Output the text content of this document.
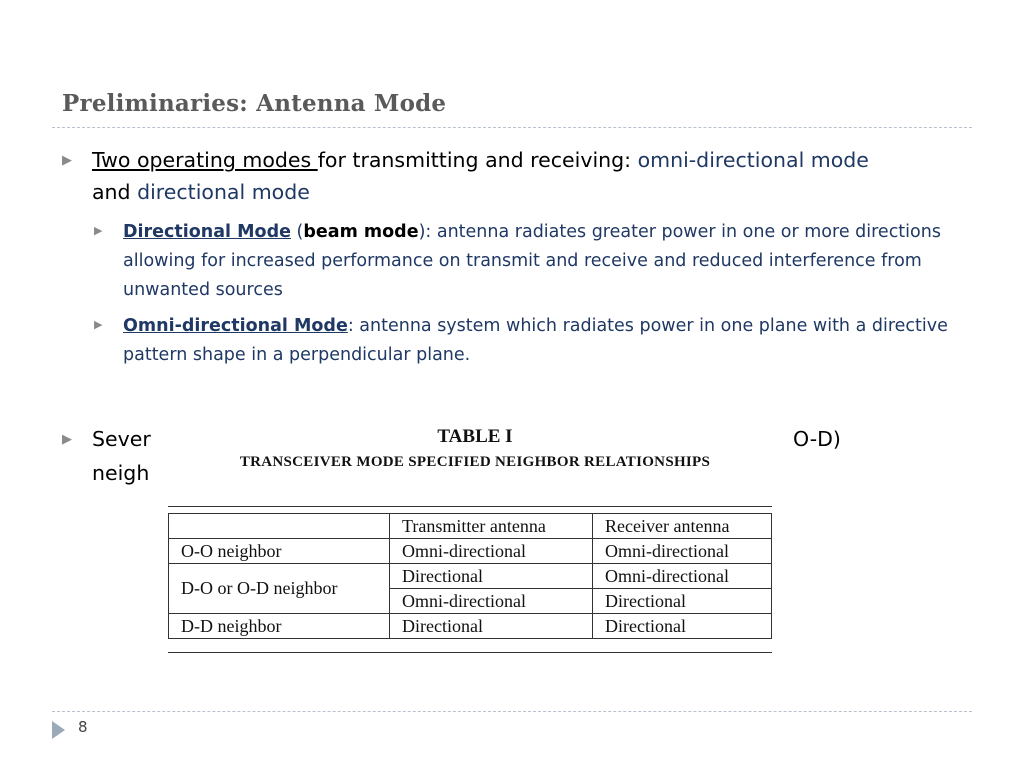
Preliminaries: Antenna Mode
▶ Two operating modes for transmitting and receiving: omni-directional mode
and directional mode
▶ Directional Mode (beam mode): antenna radiates greater power in one or more directions allowing for increased performance on transmit and receive and reduced interference from unwanted sources
▶ Omni-directional Mode: antenna system which radiates power in one plane with a directive pattern shape in a perpendicular plane.
▶ Sever
neigh
O-D)
TABLE I
TRANSCEIVER MODE SPECIFIED NEIGHBOR RELATIONSHIPS
	Transmitter antenna	Receiver antenna
O-O neighbor	Omni-directional	Omni-directional
D-O or O-D neighbor	Directional	Omni-directional
	Omni-directional	Directional
D-D neighbor	Directional	Directional
8
